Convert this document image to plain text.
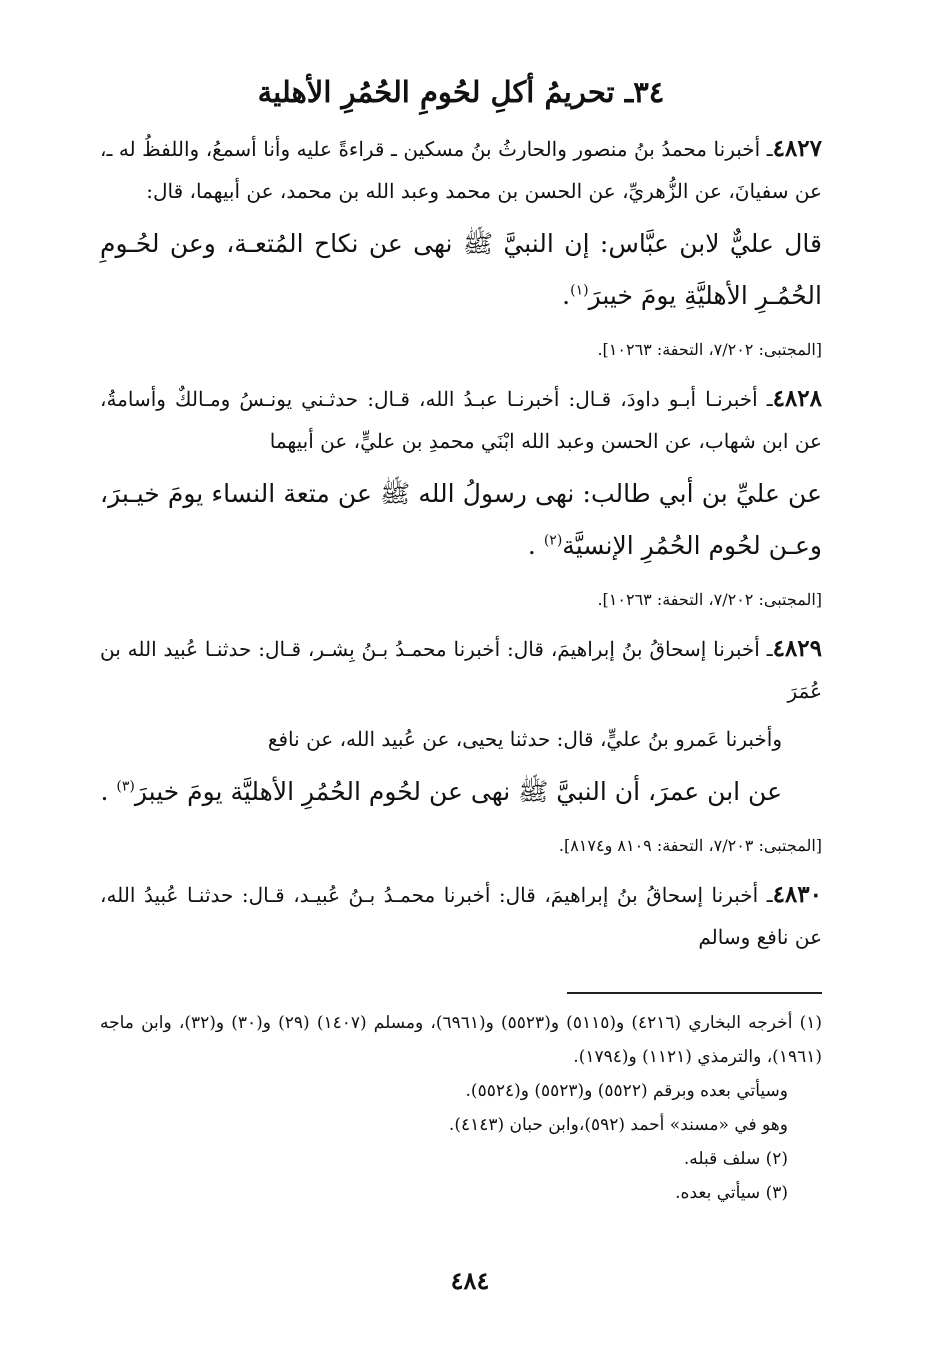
٣٤ـ تحريمُ أكلِ لحُومِ الحُمُرِ الأهلية

٤٨٢٧ـ أخبرنا محمدُ بنُ منصور والحارثُ بنُ مسكين ـ قراءةً عليه وأنا أسمعُ، واللفظُ له ـ، عن سفيانَ، عن الزُّهريِّ، عن الحسن بن محمد وعبد الله بن محمد، عن أبيهما، قال:

قال عليٌّ لابن عبَّاس: إن النبيَّ ﷺ نهى عن نكاح المُتعـة، وعن لحُـومِ الحُمُـرِ الأهليَّةِ يومَ خيبرَ$^{(١)}$.

[المجتبى: ٧/٢٠٢، التحفة: ١٠٢٦٣].

٤٨٢٨ـ أخبرنـا أبـو داودَ، قـال: أخبرنـا عبـدُ الله، قـال: حدثـني يونـسُ ومـالكٌ وأسامةُ، عن ابن شهاب، عن الحسن وعبد الله ابْنَي محمدِ بن عليٍّ، عن أبيهما

عن عليِّ بن أبي طالب: نهى رسولُ الله ﷺ عن متعة النساء يومَ خيـبرَ، وعـن لحُوم الحُمُرِ الإنسيَّة$^{(٢)}$ .

[المجتبى: ٧/٢٠٢، التحفة: ١٠٢٦٣].

٤٨٢٩ـ أخبرنا إسحاقُ بنُ إبراهيمَ، قال: أخبرنا محمـدُ بـنُ بِشـر، قـال: حدثنـا عُبيد الله بن عُمَرَ

وأخبرنا عَمرو بنُ عليٍّ، قال: حدثنا يحيى، عن عُبيد الله، عن نافع

عن ابن عمرَ، أن النبيَّ ﷺ نهى عن لحُوم الحُمُرِ الأهليَّة يومَ خيبرَ$^{(٣)}$ .

[المجتبى: ٧/٢٠٣، التحفة: ٨١٠٩ و٨١٧٤].

٤٨٣٠ـ أخبرنا إسحاقُ بنُ إبراهيمَ، قال: أخبرنا محمـدُ بـنُ عُبيـد، قـال: حدثنـا عُبيدُ الله، عن نافع وسالم

(١) أخرجه البخاري (٤٢١٦) و(٥١١٥) و(٥٥٢٣) و(٦٩٦١)، ومسلم (١٤٠٧) (٢٩) و(٣٠) و(٣٢)، وابن ماجه (١٩٦١)، والترمذي (١١٢١) و(١٧٩٤).

وسيأتي بعده وبرقم (٥٥٢٢) و(٥٥٢٣) و(٥٥٢٤).

وهو في «مسند» أحمد (٥٩٢)،وابن حبان (٤١٤٣).

(٢) سلف قبله.

(٣) سيأتي بعده.

٤٨٤
